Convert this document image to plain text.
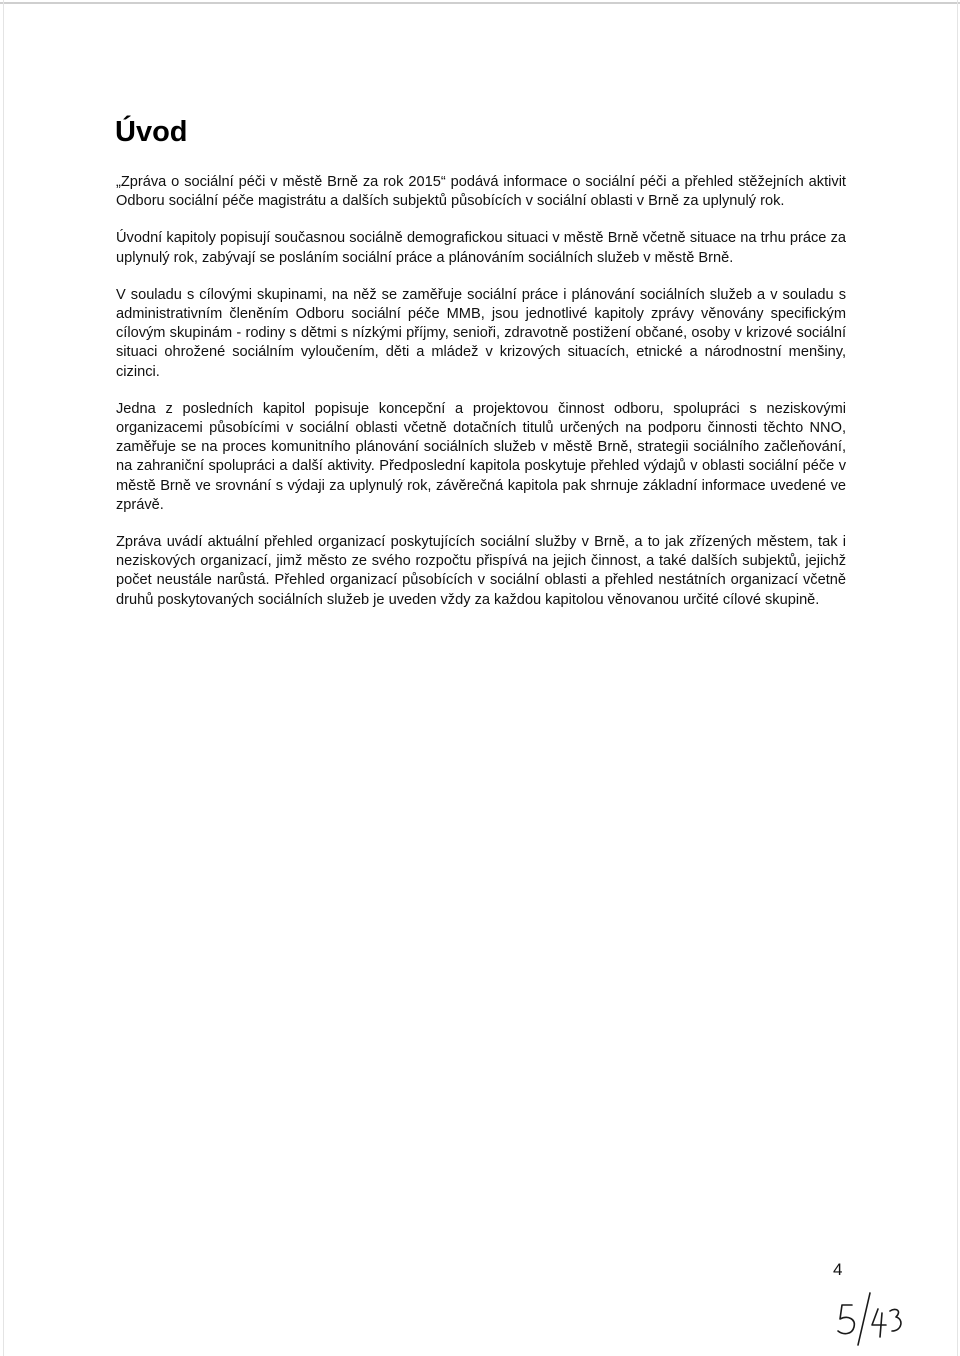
Úvod

„Zpráva o sociální péči v městě Brně za rok 2015“ podává informace o sociální péči a přehled stěžejních aktivit Odboru sociální péče magistrátu a dalších subjektů působících v sociální oblasti v Brně za uplynulý rok.

Úvodní kapitoly popisují současnou sociálně demografickou situaci v městě Brně včetně situace na trhu práce za uplynulý rok, zabývají se posláním sociální práce a plánováním sociálních služeb v městě Brně.

V souladu s cílovými skupinami, na něž se zaměřuje sociální práce i plánování sociálních služeb a v souladu s administrativním členěním Odboru sociální péče MMB, jsou jednotlivé kapitoly zprávy věnovány specifickým cílovým skupinám - rodiny s dětmi s nízkými příjmy, senioři, zdravotně postižení občané, osoby v krizové sociální situaci ohrožené sociálním vyloučením, děti a mládež v krizových situacích, etnické a národnostní menšiny, cizinci.

Jedna z posledních kapitol popisuje koncepční a projektovou činnost odboru, spolupráci s neziskovými organizacemi působícími v sociální oblasti včetně dotačních titulů určených na podporu činnosti těchto NNO, zaměřuje se na proces komunitního plánování sociálních služeb v městě Brně, strategii sociálního začleňování, na zahraniční spolupráci a další aktivity. Předposlední kapitola poskytuje přehled výdajů v oblasti sociální péče v městě Brně ve srovnání s výdaji za uplynulý rok, závěrečná kapitola pak shrnuje základní informace uvedené ve zprávě.

Zpráva uvádí aktuální přehled organizací poskytujících sociální služby v Brně, a to jak zřízených městem, tak i neziskových organizací, jimž město ze svého rozpočtu přispívá na jejich činnost, a také dalších subjektů, jejichž počet neustále narůstá. Přehled organizací působících v sociální oblasti a přehled nestátních organizací včetně druhů poskytovaných sociálních služeb je uveden vždy za každou kapitolou věnovanou určité cílové skupině.

4
